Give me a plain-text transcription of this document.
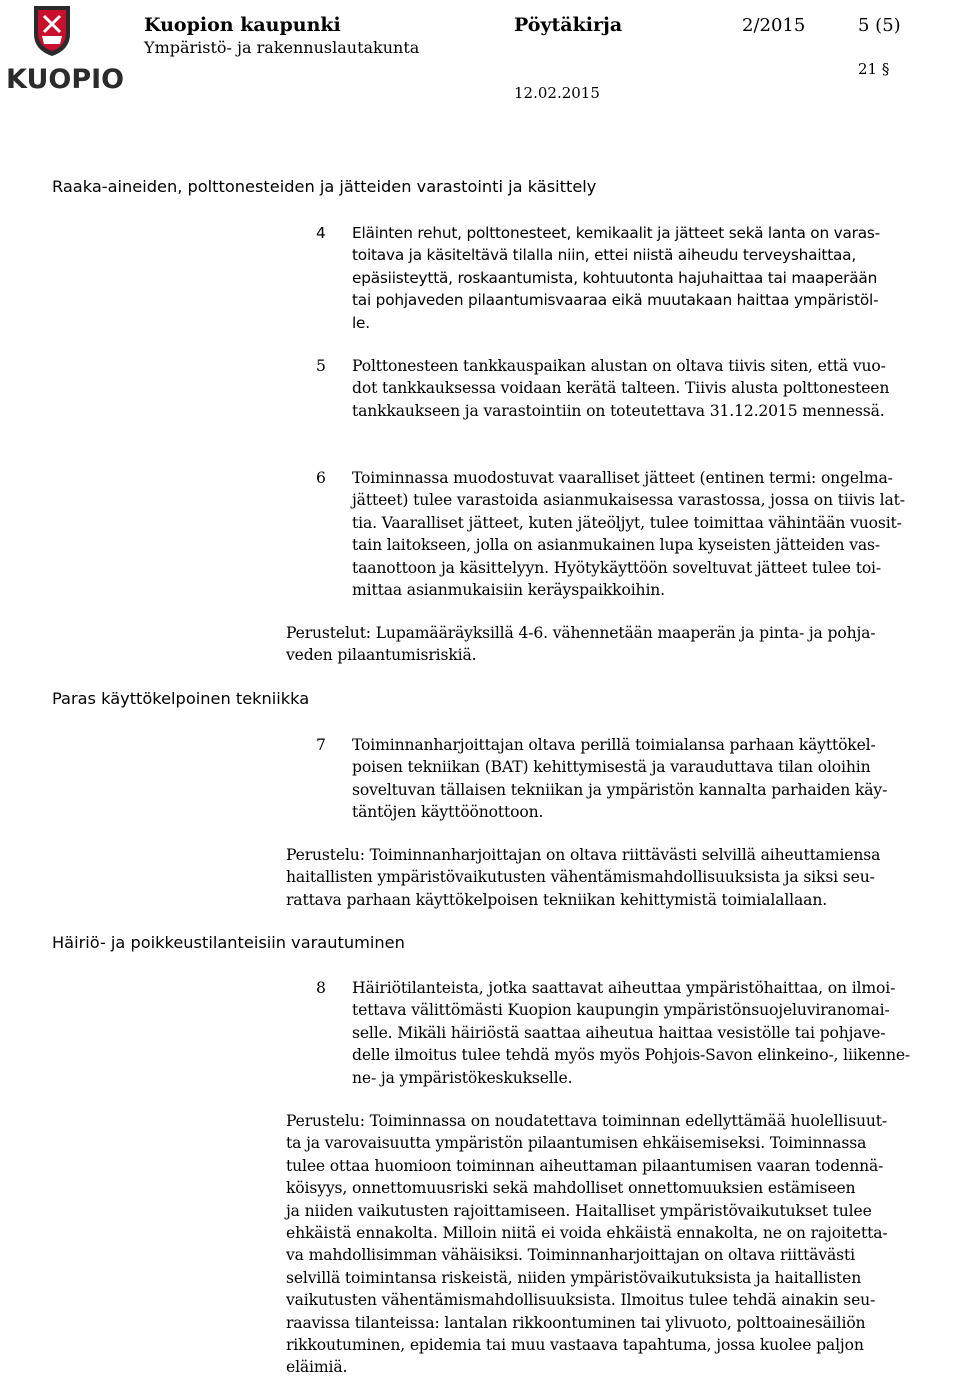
KUOPIO
Kuopion kaupunki
Ympäristö- ja rakennuslautakunta
Pöytäkirja	2/2015	5 (5)
21 §
12.02.2015
Raaka-aineiden, polttonesteiden ja jätteiden varastointi ja käsittely
Paras käyttökelpoinen tekniikka
Häiriö- ja poikkeustilanteisiin varautuminen
4	Eläinten rehut, polttonesteet, kemikaalit ja jätteet sekä lanta on varas-
toitava ja käsiteltävä tilalla niin, ettei niistä aiheudu terveyshaittaa,
epäsiisteyttä, roskaantumista, kohtuutonta hajuhaittaa tai maaperään
tai pohjaveden pilaantumisvaaraa eikä muutakaan haittaa ympäristöl-
le.
5	Polttonesteen tankkauspaikan alustan on oltava tiivis siten, että vuo-
dot tankkauksessa voidaan kerätä talteen. Tiivis alusta polttonesteen
tankkaukseen ja varastointiin on toteutettava 31.12.2015 mennessä.
6	Toiminnassa muodostuvat vaaralliset jätteet (entinen termi: ongelma-
jätteet) tulee varastoida asianmukaisessa varastossa, jossa on tiivis lat-
tia. Vaaralliset jätteet, kuten jäteöljyt, tulee toimittaa vähintään vuosit-
tain laitokseen, jolla on asianmukainen lupa kyseisten jätteiden vas-
taanottoon ja käsittelyyn. Hyötykäyttöön soveltuvat jätteet tulee toi-
mittaa asianmukaisiin keräyspaikkoihin.
Perustelut: Lupamääräyksillä 4-6. vähennetään maaperän ja pinta- ja pohja-
veden pilaantumisriskiä.
7	Toiminnanharjoittajan oltava perillä toimialansa parhaan käyttökel-
poisen tekniikan (BAT) kehittymisestä ja varauduttava tilan oloihin
soveltuvan tällaisen tekniikan ja ympäristön kannalta parhaiden käy-
täntöjen käyttöönottoon.
Perustelu: Toiminnanharjoittajan on oltava riittävästi selvillä aiheuttamiensa
haitallisten ympäristövaikutusten vähentämismahdollisuuksista ja siksi seu-
rattava parhaan käyttökelpoisen tekniikan kehittymistä toimialallaan.
8	Häiriötilanteista, jotka saattavat aiheuttaa ympäristöhaittaa, on ilmoi-
tettava välittömästi Kuopion kaupungin ympäristönsuojeluviranomai-
selle. Mikäli häiriöstä saattaa aiheutua haittaa vesistölle tai pohjave-
delle ilmoitus tulee tehdä myös myös Pohjois-Savon elinkeino-, liikenne-
ne- ja ympäristökeskukselle.
Perustelu: Toiminnassa on noudatettava toiminnan edellyttämää huolellisuut-
ta ja varovaisuutta ympäristön pilaantumisen ehkäisemiseksi. Toiminnassa
tulee ottaa huomioon toiminnan aiheuttaman pilaantumisen vaaran todennä-
köisyys, onnettomuusriski sekä mahdolliset onnettomuuksien estämiseen
ja niiden vaikutusten rajoittamiseen. Haitalliset ympäristövaikutukset tulee
ehkäistä ennakolta. Milloin niitä ei voida ehkäistä ennakolta, ne on rajoitetta-
va mahdollisimman vähäisiksi. Toiminnanharjoittajan on oltava riittävästi
selvillä toimintansa riskeistä, niiden ympäristövaikutuksista ja haitallisten
vaikutusten vähentämismahdollisuuksista. Ilmoitus tulee tehdä ainakin seu-
raavissa tilanteissa: lantalan rikkoontuminen tai ylivuoto, polttoainesäiliön
rikkoutuminen, epidemia tai muu vastaava tapahtuma, jossa kuolee paljon
eläimiä.
